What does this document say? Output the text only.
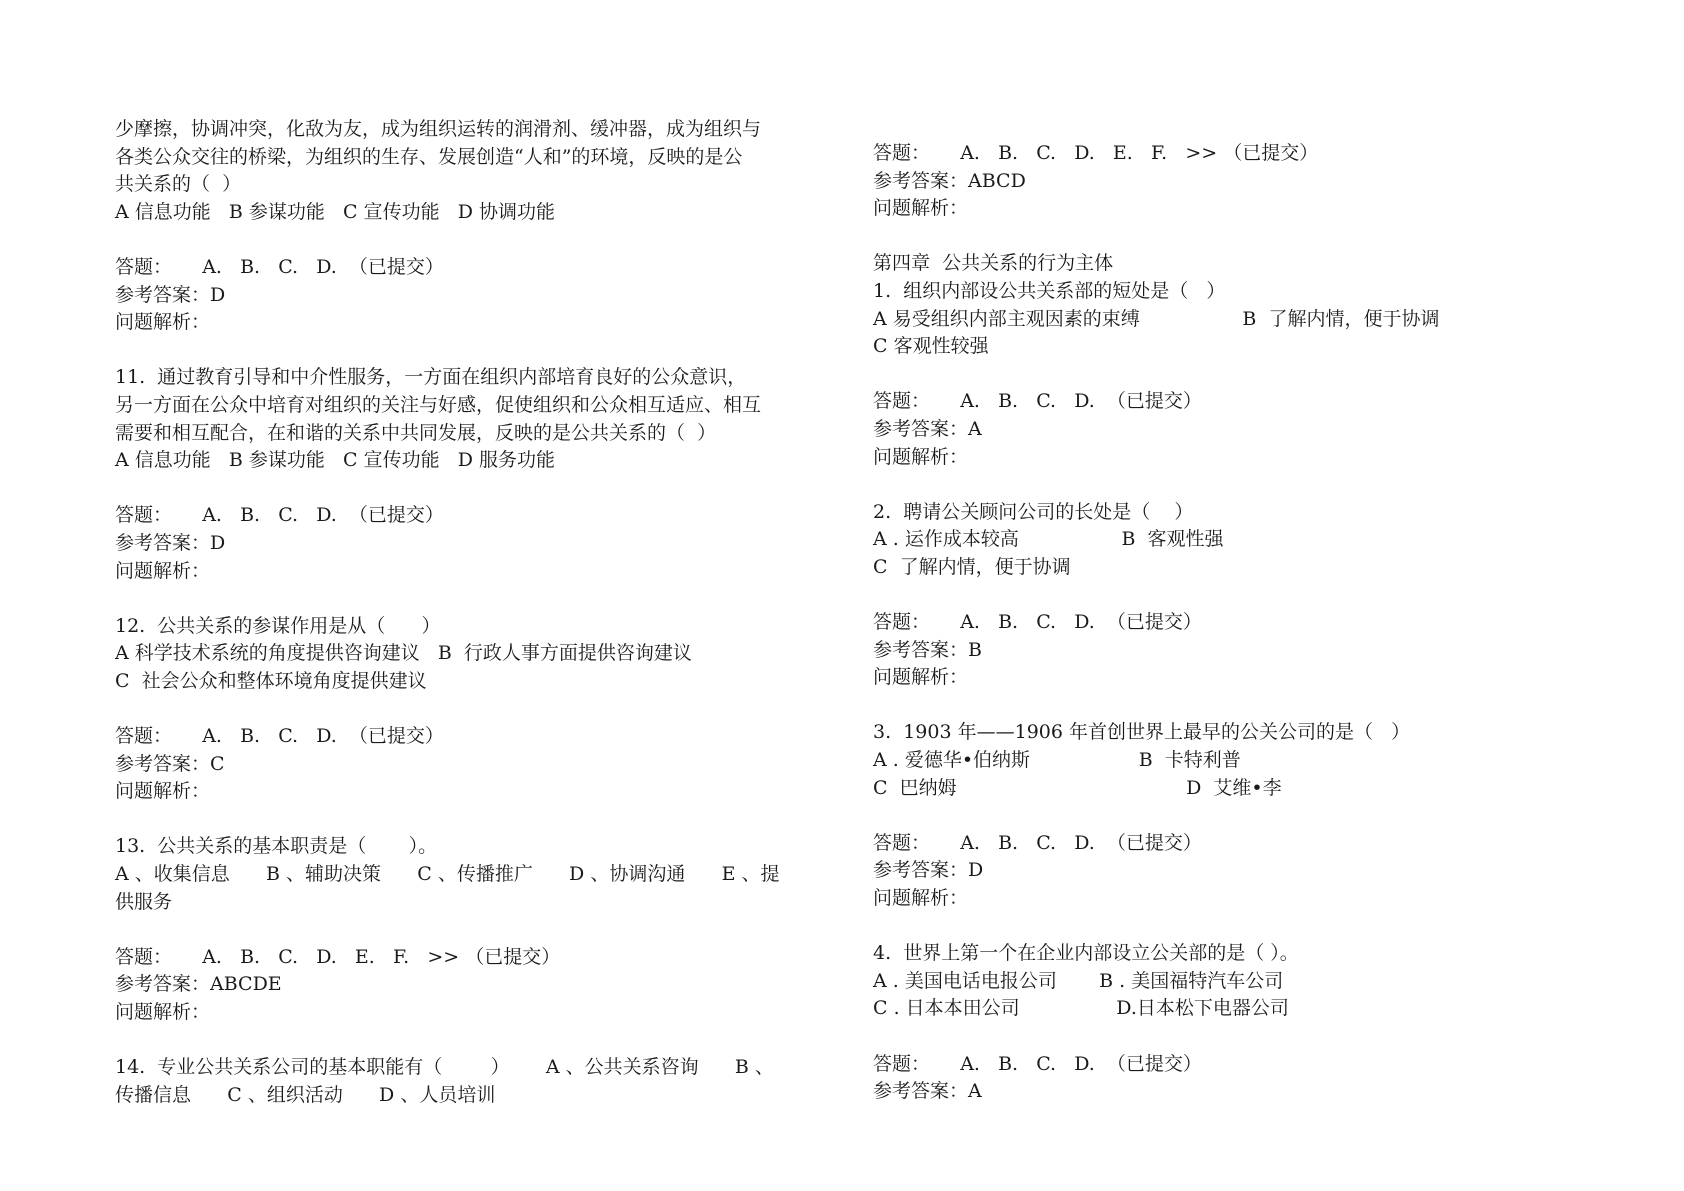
少摩擦，协调冲突，化敌为友，成为组织运转的润滑剂、缓冲器，成为组织与
各类公众交往的桥梁，为组织的生存、发展创造“人和”的环境，反映的是公
共关系的（  ）
A 信息功能   B 参谋功能   C 宣传功能   D 协调功能
答题：     A.   B.   C.   D.  （已提交）
参考答案：D
问题解析：
11.  通过教育引导和中介性服务，一方面在组织内部培育良好的公众意识，
另一方面在公众中培育对组织的关注与好感，促使组织和公众相互适应、相互
需要和相互配合，在和谐的关系中共同发展，反映的是公共关系的（  ）
A 信息功能   B 参谋功能   C 宣传功能   D 服务功能
答题：     A.   B.   C.   D.  （已提交）
参考答案：D
问题解析：
12.  公共关系的参谋作用是从（      ）
A 科学技术系统的角度提供咨询建议   B  行政人事方面提供咨询建议
C  社会公众和整体环境角度提供建议
答题：     A.   B.   C.   D.  （已提交）
参考答案：C
问题解析：
13.  公共关系的基本职责是（       ）。
A 、收集信息      B 、辅助决策      C 、传播推广      D 、协调沟通      E 、提
供服务
答题：     A.   B.   C.   D.   E.   F.   >> （已提交）
参考答案：ABCDE
问题解析：
14.  专业公共关系公司的基本职能有（        ）      A 、公共关系咨询      B 、
传播信息      C 、组织活动      D 、人员培训
答题：     A.   B.   C.   D.   E.   F.   >> （已提交）
参考答案：ABCD
问题解析：
第四章  公共关系的行为主体
1.  组织内部设公共关系部的短处是（   ）
A 易受组织内部主观因素的束缚                 B  了解内情，便于协调
C 客观性较强
答题：     A.   B.   C.   D.  （已提交）
参考答案：A
问题解析：
2.  聘请公关顾问公司的长处是（    ）
A . 运作成本较高                 B  客观性强
C  了解内情，便于协调
答题：     A.   B.   C.   D.  （已提交）
参考答案：B
问题解析：
3.  1903 年——1906 年首创世界上最早的公关公司的是（   ）
A . 爱德华•伯纳斯                  B  卡特利普
C  巴纳姆                                      D  艾维•李
答题：     A.   B.   C.   D.  （已提交）
参考答案：D
问题解析：
4.  世界上第一个在企业内部设立公关部的是（ ）。
A . 美国电话电报公司       B . 美国福特汽车公司
C . 日本本田公司                D.日本松下电器公司
答题：     A.   B.   C.   D.  （已提交）
参考答案：A
